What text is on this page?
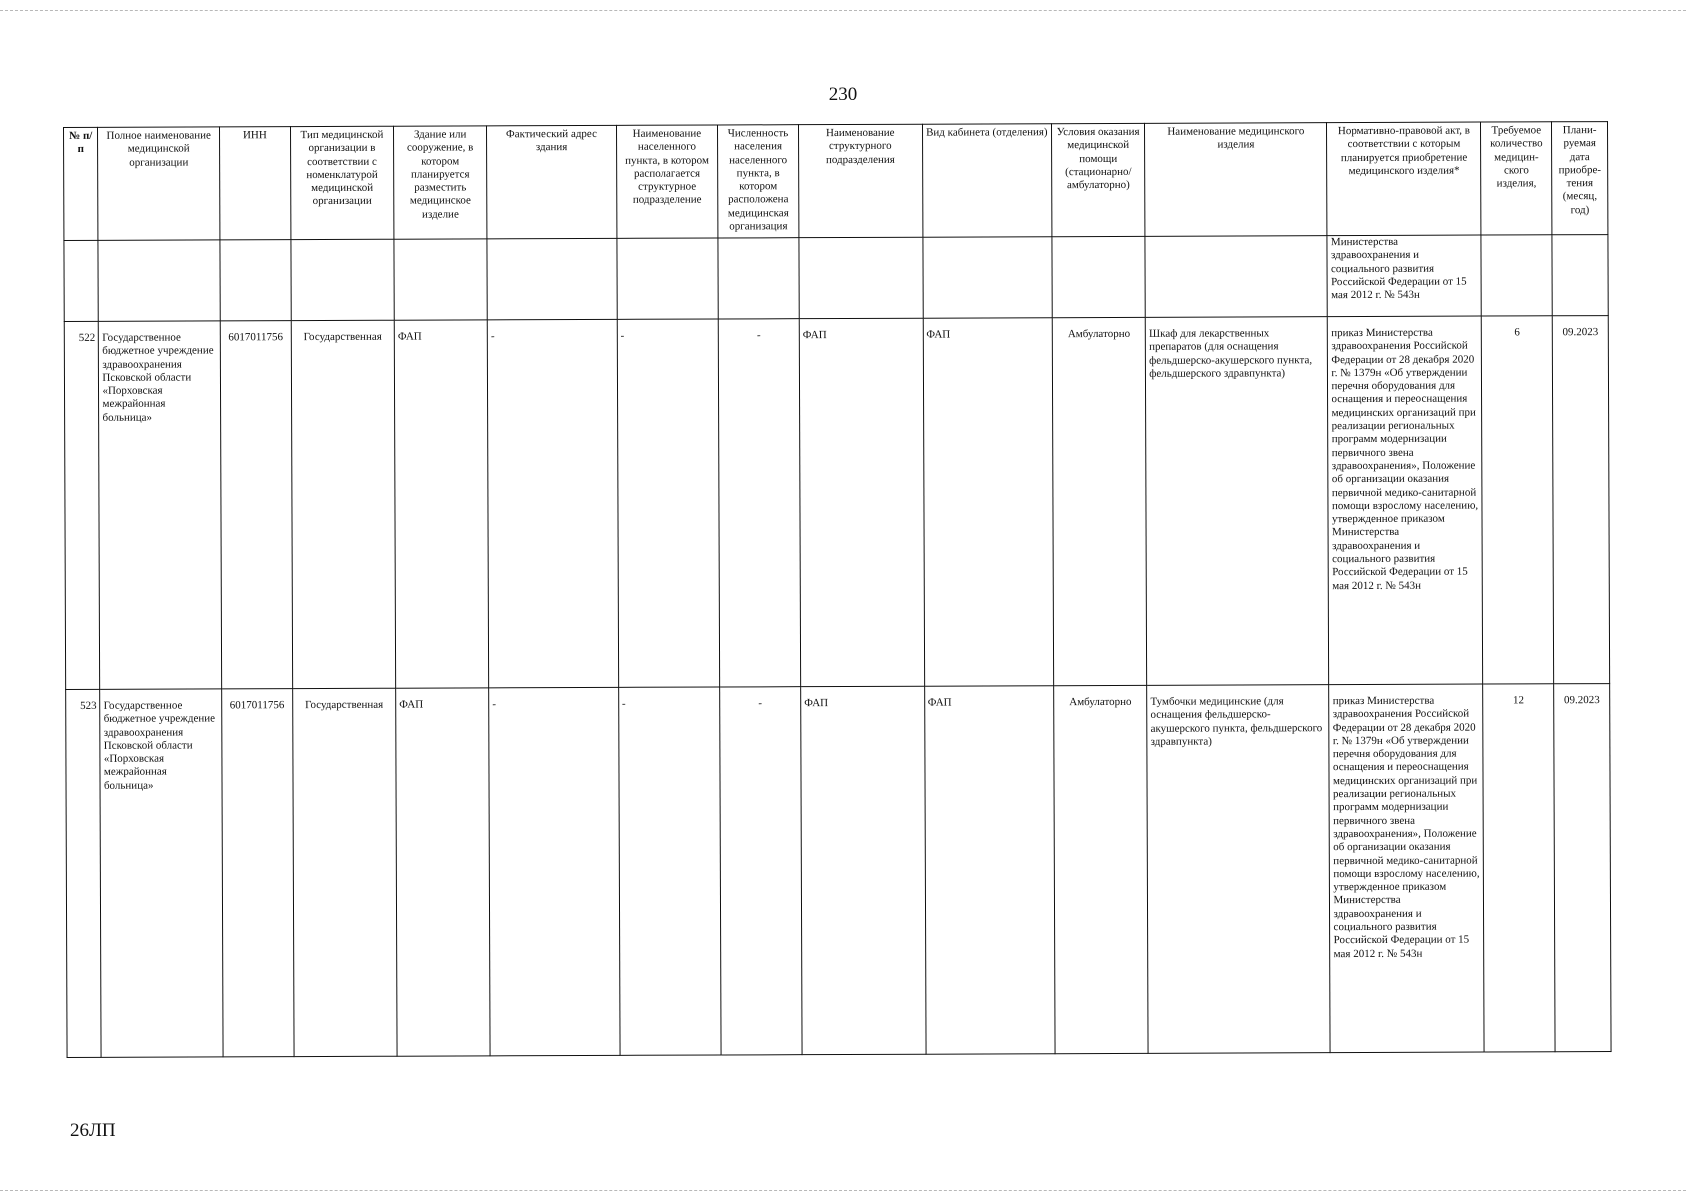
230
№ п/п	Полное наименование медицинской организации	ИНН	Тип медицинской организации в соответствии с номенклатурой медицинской организации	Здание или сооружение, в котором планируется разместить медицинское изделие	Фактический адрес здания	Наименование населенного пункта, в котором располагается структурное подразделение	Численность населения населенного пункта, в котором расположена медицинская организация	Наименование структурного подразделения	Вид кабинета (отделения)	Условия оказания медицинской помощи (стационарно/ амбулаторно)	Наименование медицинского изделия	Нормативно-правовой акт, в соответствии с которым планируется приобретение медицинского изделия*	Требуемое количество медицин-ского изделия,	Плани-руемая дата приобре-тения (месяц, год)
												Министерства здравоохранения и социального развития Российской Федерации от 15 мая 2012 г. № 543н		
522	Государственное бюджетное учреждение здравоохранения Псковской области «Порховская межрайонная больница»	6017011756	Государственная	ФАП	-	-	-	ФАП	ФАП	Амбулаторно	Шкаф для лекарственных препаратов (для оснащения фельдшерско-акушерского пункта, фельдшерского здравпункта)	приказ Министерства здравоохранения Российской Федерации от 28 декабря 2020 г. № 1379н «Об утверждении перечня оборудования для оснащения и переоснащения медицинских организаций при реализации региональных программ модернизации первичного звена здравоохранения», Положение об организации оказания первичной медико-санитарной помощи взрослому населению, утвержденное приказом Министерства здравоохранения и социального развития Российской Федерации от 15 мая 2012 г. № 543н	6	09.2023
523	Государственное бюджетное учреждение здравоохранения Псковской области «Порховская межрайонная больница»	6017011756	Государственная	ФАП	-	-	-	ФАП	ФАП	Амбулаторно	Тумбочки медицинские (для оснащения фельдшерско-акушерского пункта, фельдшерского здравпункта)	приказ Министерства здравоохранения Российской Федерации от 28 декабря 2020 г. № 1379н «Об утверждении перечня оборудования для оснащения и переоснащения медицинских организаций при реализации региональных программ модернизации первичного звена здравоохранения», Положение об организации оказания первичной медико-санитарной помощи взрослому населению, утвержденное приказом Министерства здравоохранения и социального развития Российской Федерации от 15 мая 2012 г. № 543н	12	09.2023
26ЛП
